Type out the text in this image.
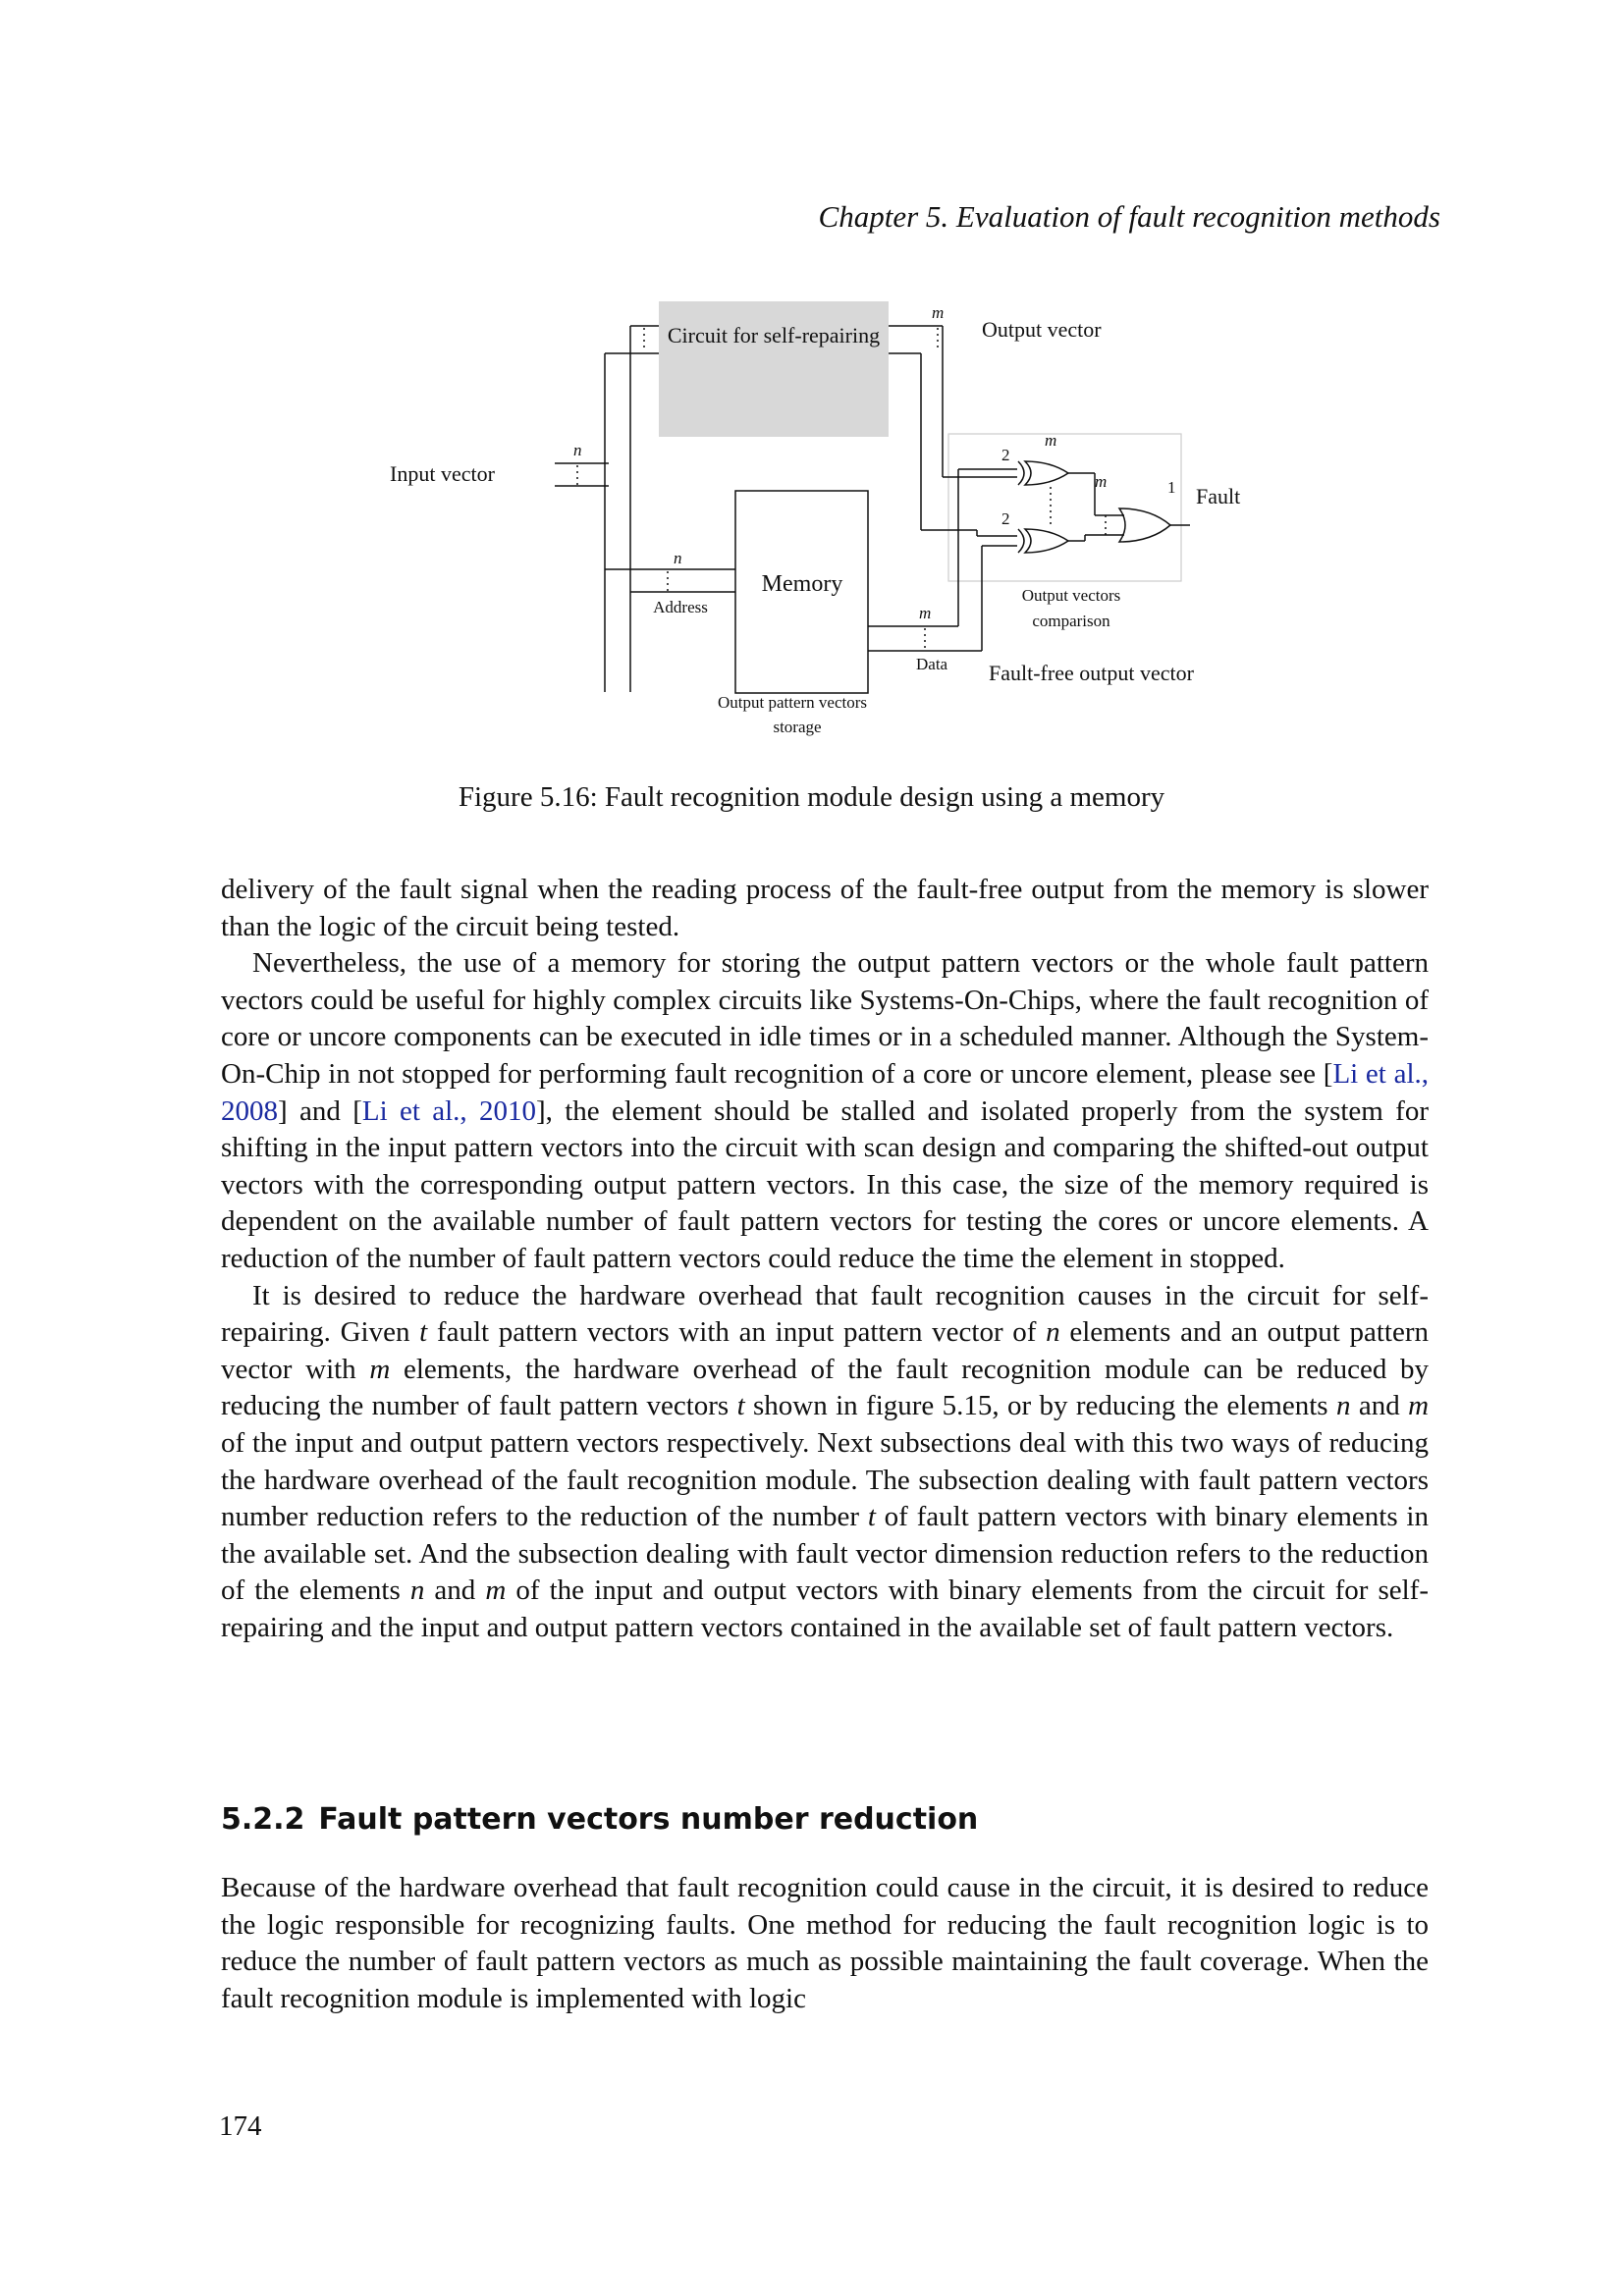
Chapter 5. Evaluation of fault recognition methods
Circuit for self-repairing	Output vector
Input vector
Memory
Address
Data
Output pattern vectors
storage
Output vectors
comparison
Fault-free output vector
Fault
n
m
n
m
m
m
2
2
1
Figure 5.16: Fault recognition module design using a memory

delivery of the fault signal when the reading process of the fault-free output from the memory is slower than the logic of the circuit being tested.

Nevertheless, the use of a memory for storing the output pattern vectors or the whole fault pattern vectors could be useful for highly complex circuits like Systems-On-Chips, where the fault recognition of core or uncore components can be executed in idle times or in a scheduled manner. Although the System-On-Chip in not stopped for performing fault recognition of a core or uncore element, please see [Li et al., 2008] and [Li et al., 2010], the element should be stalled and isolated properly from the system for shifting in the input pattern vectors into the circuit with scan design and comparing the shifted-out output vectors with the corresponding output pattern vectors. In this case, the size of the memory required is dependent on the available number of fault pattern vectors for testing the cores or uncore elements. A reduction of the number of fault pattern vectors could reduce the time the element in stopped.

It is desired to reduce the hardware overhead that fault recognition causes in the circuit for self-repairing. Given t fault pattern vectors with an input pattern vector of n elements and an output pattern vector with m elements, the hardware overhead of the fault recognition module can be reduced by reducing the number of fault pattern vectors t shown in figure 5.15, or by reducing the elements n and m of the input and output pattern vectors respectively. Next subsections deal with this two ways of reducing the hardware overhead of the fault recognition module. The subsection dealing with fault pattern vectors number reduction refers to the reduction of the number t of fault pattern vectors with binary elements in the available set. And the subsection dealing with fault vector dimension reduction refers to the reduction of the elements n and m of the input and output vectors with binary elements from the circuit for self-repairing and the input and output pattern vectors contained in the available set of fault pattern vectors.

5.2.2 Fault pattern vectors number reduction

Because of the hardware overhead that fault recognition could cause in the circuit, it is desired to reduce the logic responsible for recognizing faults. One method for reducing the fault recognition logic is to reduce the number of fault pattern vectors as much as possible maintaining the fault coverage. When the fault recognition module is implemented with logic

174
